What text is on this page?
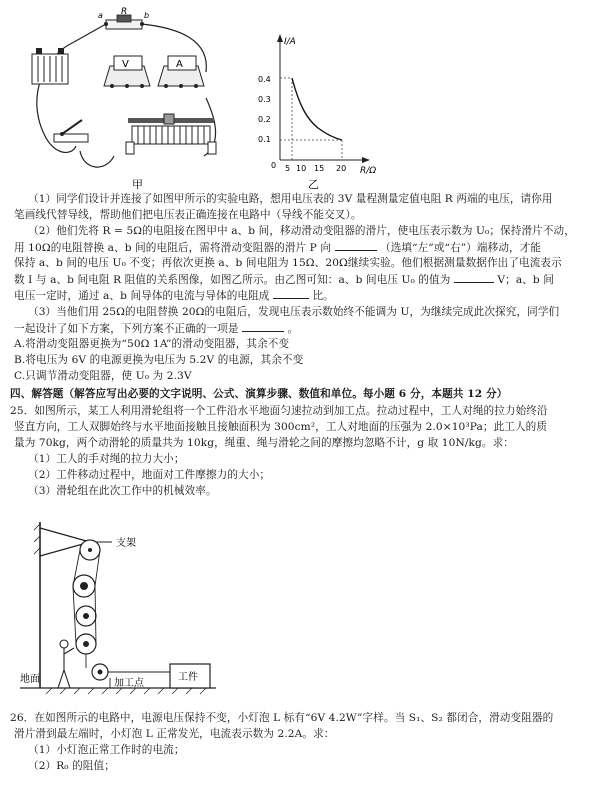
R
a	b
V	A
甲
I/A
R/Ω
0
0.4
0.3
0.2
0.1
5 10 15 20
乙
（1）同学们设计并连接了如图甲所示的实验电路，想用电压表的 3V 量程测量定值电阻 R 两端的电压，请你用
笔画线代替导线，帮助他们把电压表正确连接在电路中（导线不能交叉）。
（2）他们先将 R = 5Ω的电阻接在图甲中 a、b 间，移动滑动变阻器的滑片，使电压表示数为 U₀；保持滑片不动，
用 10Ω的电阻替换 a、b 间的电阻后，需将滑动变阻器的滑片 P 向	（选填“左”或“右”）端移动，才能
保持 a、b 间的电压 U₀ 不变；再依次更换 a、b 间电阻为 15Ω、20Ω继续实验。他们根据测量数据作出了电流表示
数 I 与 a、b 间电阻 R 阻值的关系图像，如图乙所示。由乙图可知：a、b 间电压 U₀ 的值为	V；a、b 间
电压一定时，通过 a、b 间导体的电流与导体的电阻成	比。
（3）当他们用 25Ω的电阻替换 20Ω的电阻后，发现电压表示数始终不能调为 U，为继续完成此次探究，同学们
一起设计了如下方案，下列方案不正确的一项是	。
A.将滑动变阻器更换为“50Ω 1A”的滑动变阻器，其余不变
B.将电压为 6V 的电源更换为电压为 5.2V 的电源，其余不变
C.只调节滑动变阻器，使 U₀ 为 2.3V
四、解答题（解答应写出必要的文字说明、公式、演算步骤、数值和单位。每小题 6 分，本题共 12 分）
25．如图所示，某工人利用滑轮组将一个工件沿水平地面匀速拉动到加工点。拉动过程中，工人对绳的拉力始终沿
竖直方向，工人双脚始终与水平地面接触且接触面积为 300cm²，工人对地面的压强为 2.0×10³Pa；此工人的质
量为 70kg，两个动滑轮的质量共为 10kg，绳重、绳与滑轮之间的摩擦均忽略不计，g 取 10N/kg。求：
（1）工人的手对绳的拉力大小；
（2）工件移动过程中，地面对工件摩擦力的大小；
（3）滑轮组在此次工作中的机械效率。
支架
工件
加工点
地面
26．在如图所示的电路中，电源电压保持不变，小灯泡 L 标有“6V 4.2W”字样。当 S₁、S₂ 都闭合，滑动变阻器的
滑片滑到最左端时，小灯泡 L 正常发光，电流表示数为 2.2A。求：
（1）小灯泡正常工作时的电流；
（2）R₀ 的阻值；
